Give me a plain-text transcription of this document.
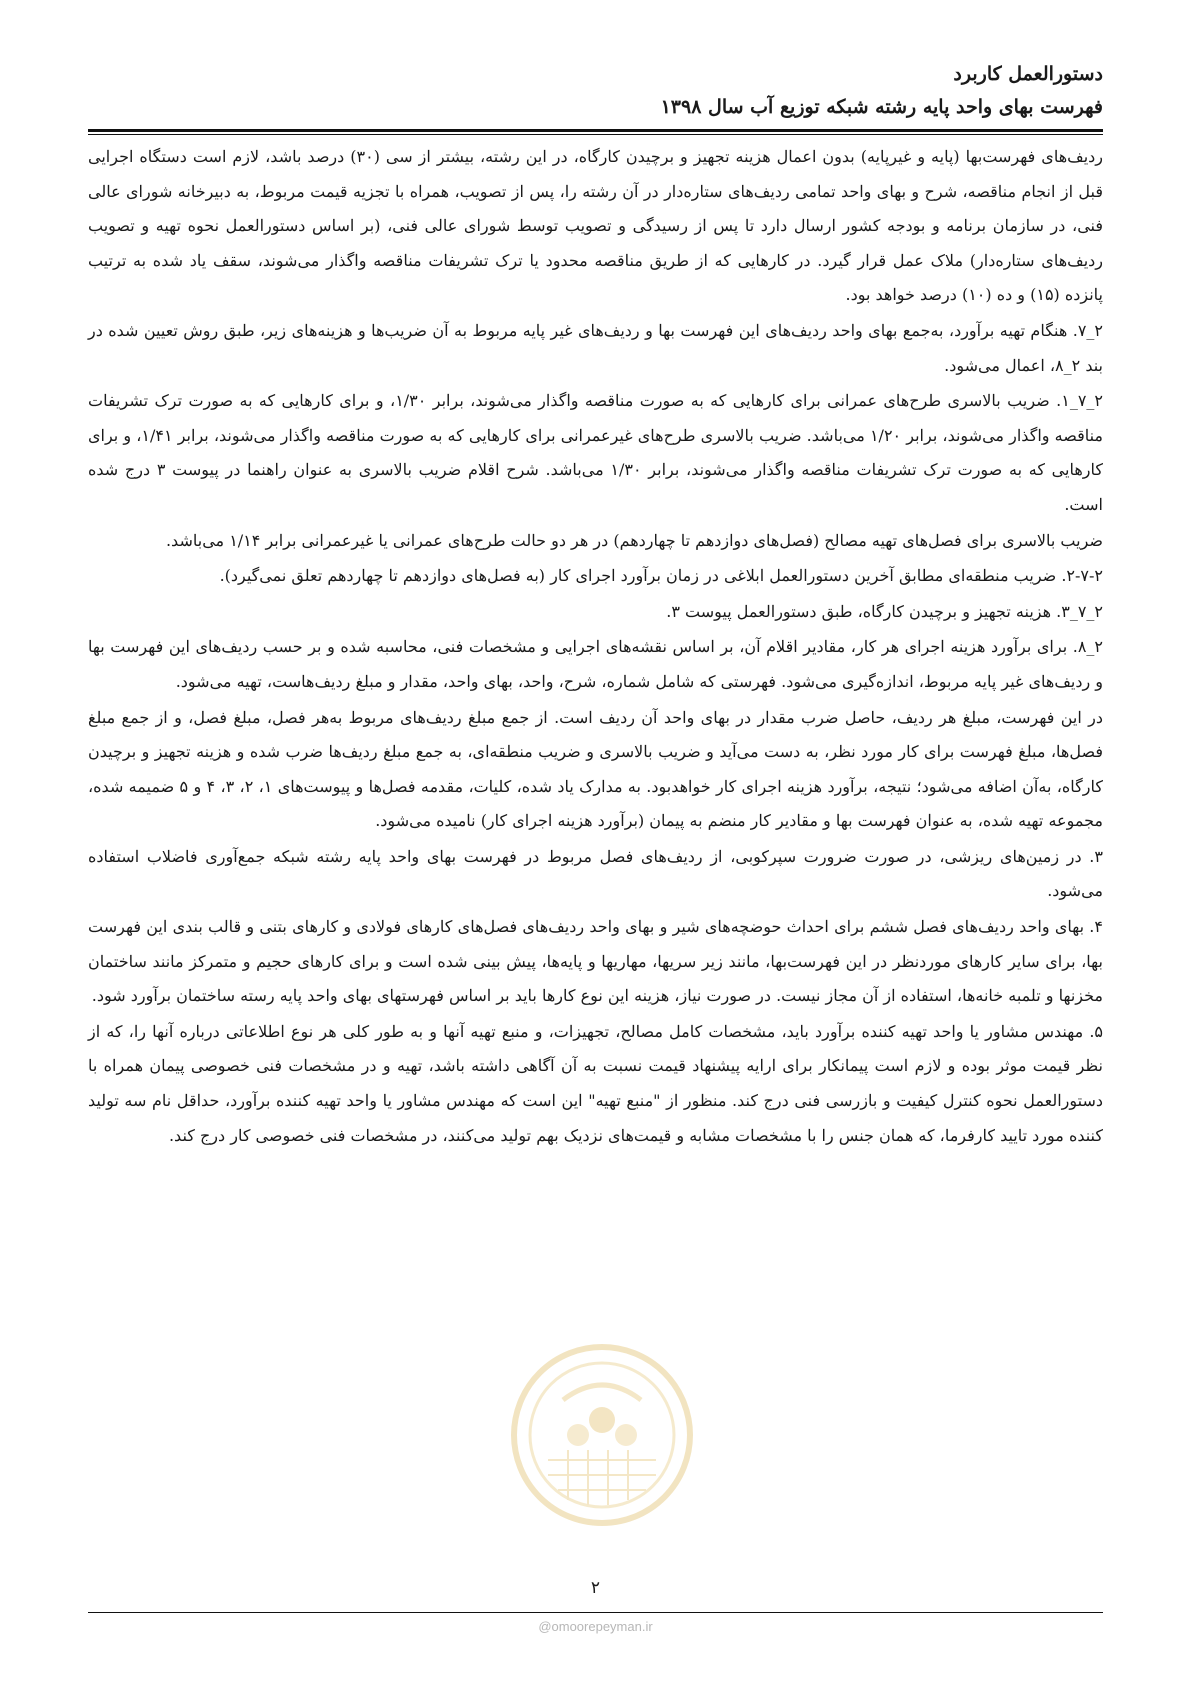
دستورالعمل کاربرد
فهرست بهای واحد پایه رشته شبکه توزیع آب سال ۱۳۹۸

ردیف‌های فهرست‌بها (پایه و غیرپایه) بدون اعمال هزینه تجهیز و برچیدن کارگاه، در این رشته، بیشتر از سی (۳۰) درصد باشد، لازم است دستگاه اجرایی قبل از انجام مناقصه، شرح و بهای واحد تمامی ردیف‌های ستاره‌دار در آن رشته را، پس از تصویب، همراه با تجزیه قیمت مربوط، به دبیرخانه شورای عالی فنی، در سازمان برنامه و بودجه کشور ارسال دارد تا پس از رسیدگی و تصویب توسط شورای عالی فنی، (بر اساس دستورالعمل نحوه تهیه و تصویب ردیف‌های ستاره‌دار) ملاک عمل قرار گیرد. در کارهایی که از طریق مناقصه محدود یا ترک تشریفات مناقصه واگذار می‌شوند، سقف یاد شده به ترتیب پانزده (۱۵) و ده (۱۰) درصد خواهد بود.

۲_۷. هنگام تهیه برآورد، به‌جمع بهای واحد ردیف‌های این فهرست بها و ردیف‌های غیر پایه مربوط به آن ضریب‌ها و هزینه‌های زیر، طبق روش تعیین شده در بند ۲_۸، اعمال می‌شود.

۲_۷_۱. ضریب بالاسری طرح‌های عمرانی برای کارهایی که به صورت مناقصه واگذار می‌شوند، برابر ۱/۳۰، و برای کارهایی که به صورت ترک تشریفات مناقصه واگذار می‌شوند، برابر ۱/۲۰ می‌باشد. ضریب بالاسری طرح‌های غیرعمرانی برای کارهایی که به صورت مناقصه واگذار می‌شوند، برابر ۱/۴۱، و برای کارهایی که به صورت ترک تشریفات مناقصه واگذار می‌شوند، برابر ۱/۳۰ می‌باشد. شرح اقلام ضریب بالاسری به عنوان راهنما در پیوست ۳ درج شده است.

ضریب بالاسری برای فصل‌های تهیه مصالح (فصل‌های دوازدهم تا چهاردهم) در هر دو حالت طرح‌های عمرانی یا غیرعمرانی برابر ۱/۱۴ می‌باشد.

۲-۷-۲. ضریب منطقه‌ای مطابق آخرین دستورالعمل ابلاغی در زمان برآورد اجرای کار (به فصل‌های دوازدهم تا چهاردهم تعلق نمی‌گیرد).

۲_۷_۳. هزینه تجهیز و برچیدن کارگاه، طبق دستورالعمل پیوست ۳.

۲_۸. برای برآورد هزینه اجرای هر کار، مقادیر اقلام آن، بر اساس نقشه‌های اجرایی و مشخصات فنی، محاسبه شده و بر حسب ردیف‌های این فهرست بها و ردیف‌های غیر پایه مربوط، اندازه‌گیری می‌شود. فهرستی که شامل شماره، شرح، واحد، بهای واحد، مقدار و مبلغ ردیف‌هاست، تهیه می‌شود.

در این فهرست، مبلغ هر ردیف، حاصل ضرب مقدار در بهای واحد آن ردیف است. از جمع مبلغ ردیف‌های مربوط به‌هر فصل، مبلغ فصل، و از جمع مبلغ فصل‌ها، مبلغ فهرست برای کار مورد نظر، به دست می‌آید و ضریب بالاسری و ضریب منطقه‌ای، به جمع مبلغ ردیف‌ها ضرب شده و هزینه تجهیز و برچیدن کارگاه، به‌آن اضافه می‌شود؛ نتیجه، برآورد هزینه اجرای کار خواهدبود. به مدارک یاد شده، کلیات، مقدمه فصل‌ها و پیوست‌های ۱، ۲، ۳، ۴ و ۵ ضمیمه شده، مجموعه تهیه شده، به عنوان فهرست بها و مقادیر کار منضم به پیمان (برآورد هزینه اجرای کار) نامیده می‌شود.

۳. در زمین‌های ریزشی، در صورت ضرورت سپرکوبی، از ردیف‌های فصل مربوط در فهرست بهای واحد پایه رشته شبکه جمع‌آوری فاضلاب استفاده می‌شود.

۴. بهای واحد ردیف‌های فصل ششم برای احداث حوضچه‌های شیر و بهای واحد ردیف‌های فصل‌های کارهای فولادی و کارهای بتنی و قالب بندی این فهرست بها، برای سایر کارهای موردنظر در این فهرست‌بها، مانند زیر سریها، مهاریها و پایه‌ها، پیش بینی شده است و برای کارهای حجیم و متمرکز مانند ساختمان مخزنها و تلمبه خانه‌ها، استفاده از آن مجاز نیست. در صورت نیاز، هزینه این نوع کارها باید بر اساس فهرستهای بهای واحد پایه رسته ساختمان برآورد شود.

۵. مهندس مشاور یا واحد تهیه کننده برآورد باید، مشخصات کامل مصالح، تجهیزات، و منبع تهیه آنها و به طور کلی هر نوع اطلاعاتی درباره آنها را، که از نظر قیمت موثر بوده و لازم است پیمانکار برای ارایه پیشنهاد قیمت نسبت به آن آگاهی داشته باشد، تهیه و در مشخصات فنی خصوصی پیمان همراه با دستورالعمل نحوه کنترل کیفیت و بازرسی فنی درج کند. منظور از "منبع تهیه" این است که مهندس مشاور یا واحد تهیه کننده برآورد، حداقل نام سه تولید کننده مورد تایید کارفرما، که همان جنس را با مشخصات مشابه و قیمت‌های نزدیک بهم تولید می‌کنند، در مشخصات فنی خصوصی کار درج کند.

۲
@omoorepeyman.ir
